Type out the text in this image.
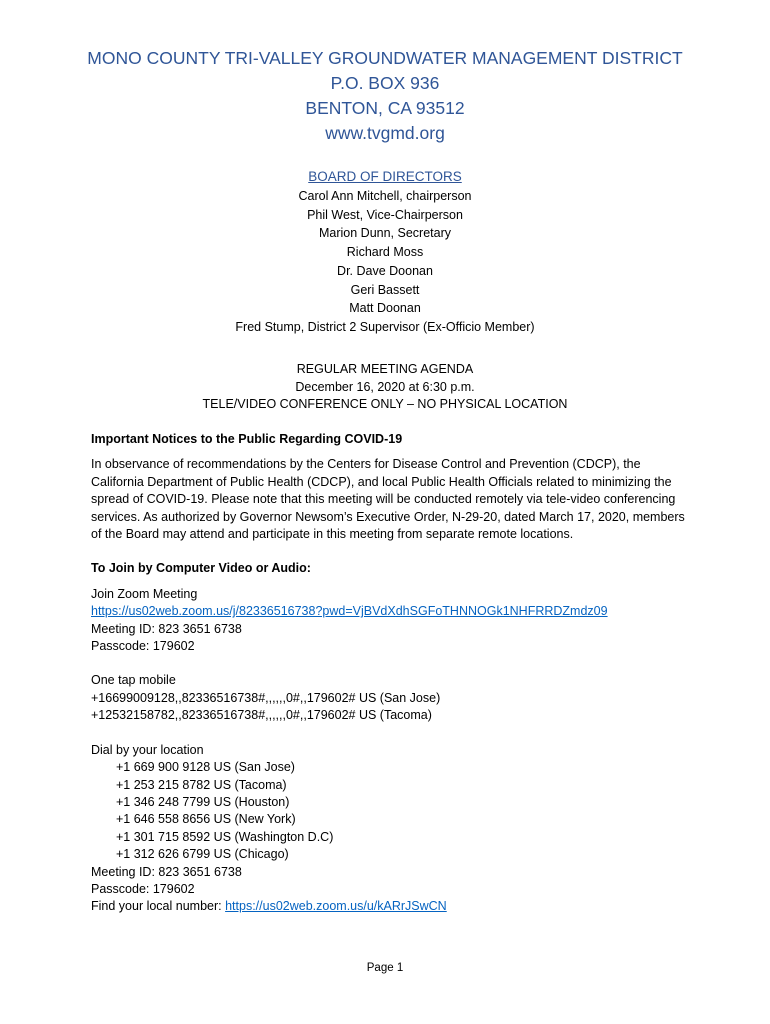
MONO COUNTY TRI-VALLEY GROUNDWATER MANAGEMENT DISTRICT
P.O. BOX 936
BENTON, CA 93512
www.tvgmd.org
BOARD OF DIRECTORS
Carol Ann Mitchell, chairperson
Phil West, Vice-Chairperson
Marion Dunn, Secretary
Richard Moss
Dr. Dave Doonan
Geri Bassett
Matt Doonan
Fred Stump, District 2 Supervisor (Ex-Officio Member)
REGULAR MEETING AGENDA
December 16, 2020 at 6:30 p.m.
TELE/VIDEO CONFERENCE ONLY – NO PHYSICAL LOCATION
Important Notices to the Public Regarding COVID-19
In observance of recommendations by the Centers for Disease Control and Prevention (CDCP), the California Department of Public Health (CDCP), and local Public Health Officials related to minimizing the spread of COVID-19. Please note that this meeting will be conducted remotely via tele-video conferencing services. As authorized by Governor Newsom’s Executive Order, N-29-20, dated March 17, 2020, members of the Board may attend and participate in this meeting from separate remote locations.
To Join by Computer Video or Audio:
Join Zoom Meeting
https://us02web.zoom.us/j/82336516738?pwd=VjBVdXdhSGFoTHNNOGk1NHFRRDZmdz09
Meeting ID: 823 3651 6738
Passcode: 179602
One tap mobile
+16699009128,,82336516738#,,,,,,0#,,179602# US (San Jose)
+12532158782,,82336516738#,,,,,,0#,,179602# US (Tacoma)
Dial by your location
+1 669 900 9128 US (San Jose)
+1 253 215 8782 US (Tacoma)
+1 346 248 7799 US (Houston)
+1 646 558 8656 US (New York)
+1 301 715 8592 US (Washington D.C)
+1 312 626 6799 US (Chicago)
Meeting ID: 823 3651 6738
Passcode: 179602
Find your local number: https://us02web.zoom.us/u/kARrJSwCN
Page 1
